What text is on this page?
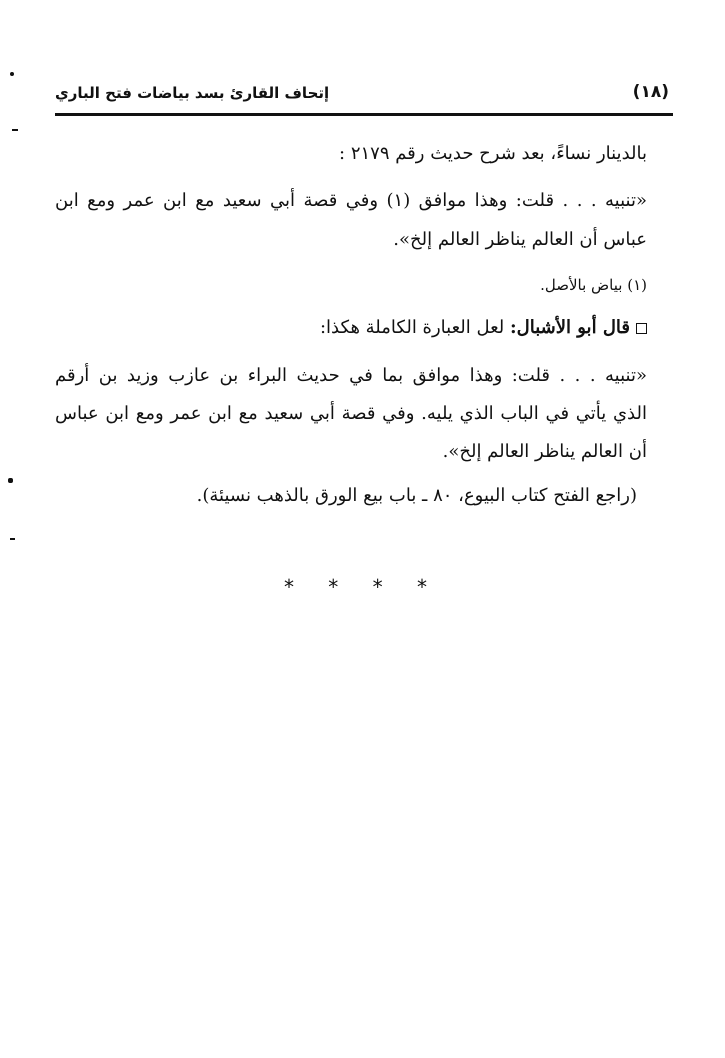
(١٨)
إتحاف القارئ بسد بياضات فتح الباري
بالدينار نساءً، بعد شرح حديث رقم ٢١٧٩ :
«تنبيه . . . قلت: وهذا موافق (١) وفي قصة أبي سعيد مع ابن عمر ومع ابن
عباس أن العالم يناظر العالم إلخ».
(١) بياض بالأصل.
قال أبو الأشبال: لعل العبارة الكاملة هكذا:
«تنبيه . . . قلت: وهذا موافق بما في حديث البراء بن عازب وزيد بن أرقم
الذي يأتي في الباب الذي يليه. وفي قصة أبي سعيد مع ابن عمر ومع ابن عباس
أن العالم يناظر العالم إلخ».
(راجع الفتح كتاب البيوع، ٨٠ ـ باب بيع الورق بالذهب نسيئة).
* * * *
